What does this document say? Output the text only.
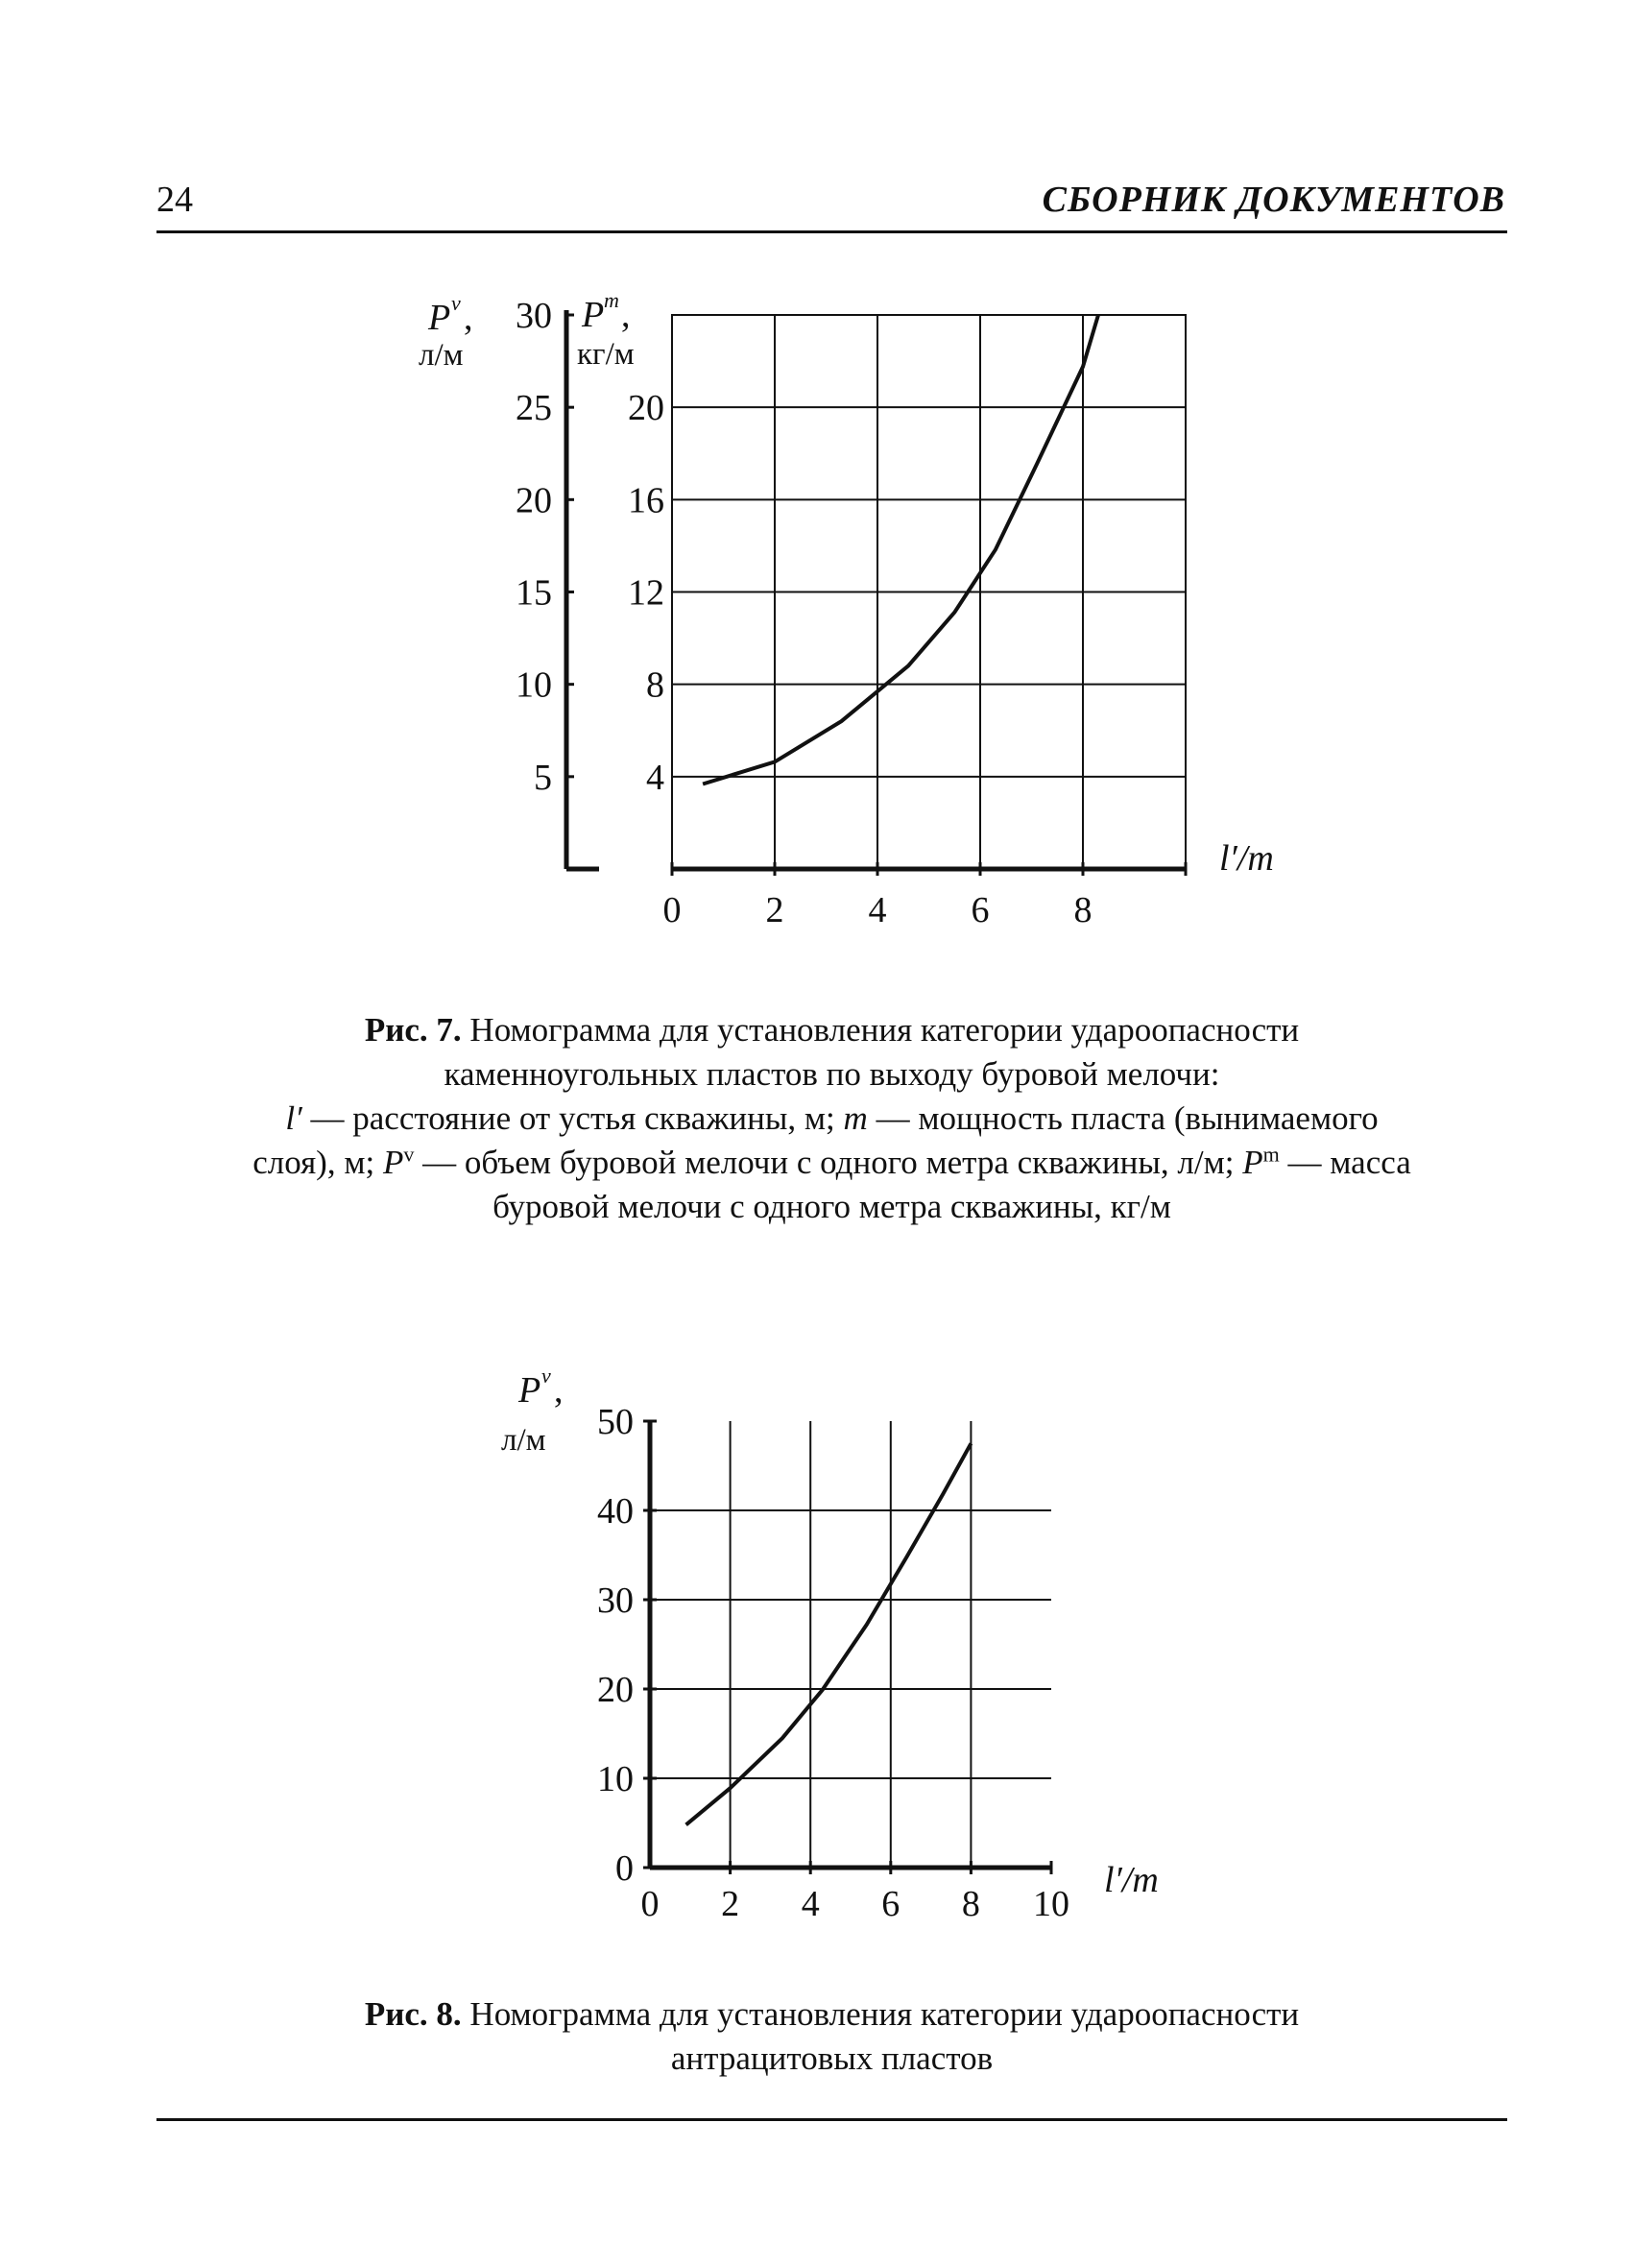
24	СБОРНИК ДОКУМЕНТОВ
0 2 4 6 8
5
10
15
20
25
30
4
8
12
16
20
P v ,
л/м
P m ,
кг/м
l′/m
Рис. 7. Номограмма для установления категории удароопасности
каменноугольных пластов по выходу буровой мелочи:
l′ — расстояние от устья скважины, м; m — мощность пласта (вынимаемого
слоя), м; $P^v$ — объем буровой мелочи с одного метра скважины, л/м; $P^m$ — масса
буровой мелочи с одного метра скважины, кг/м
0
10
20
30
40
50
0 2 4 6 8 10
P v ,
л/м
l′/m
Рис. 8. Номограмма для установления категории удароопасности
антрацитовых пластов
